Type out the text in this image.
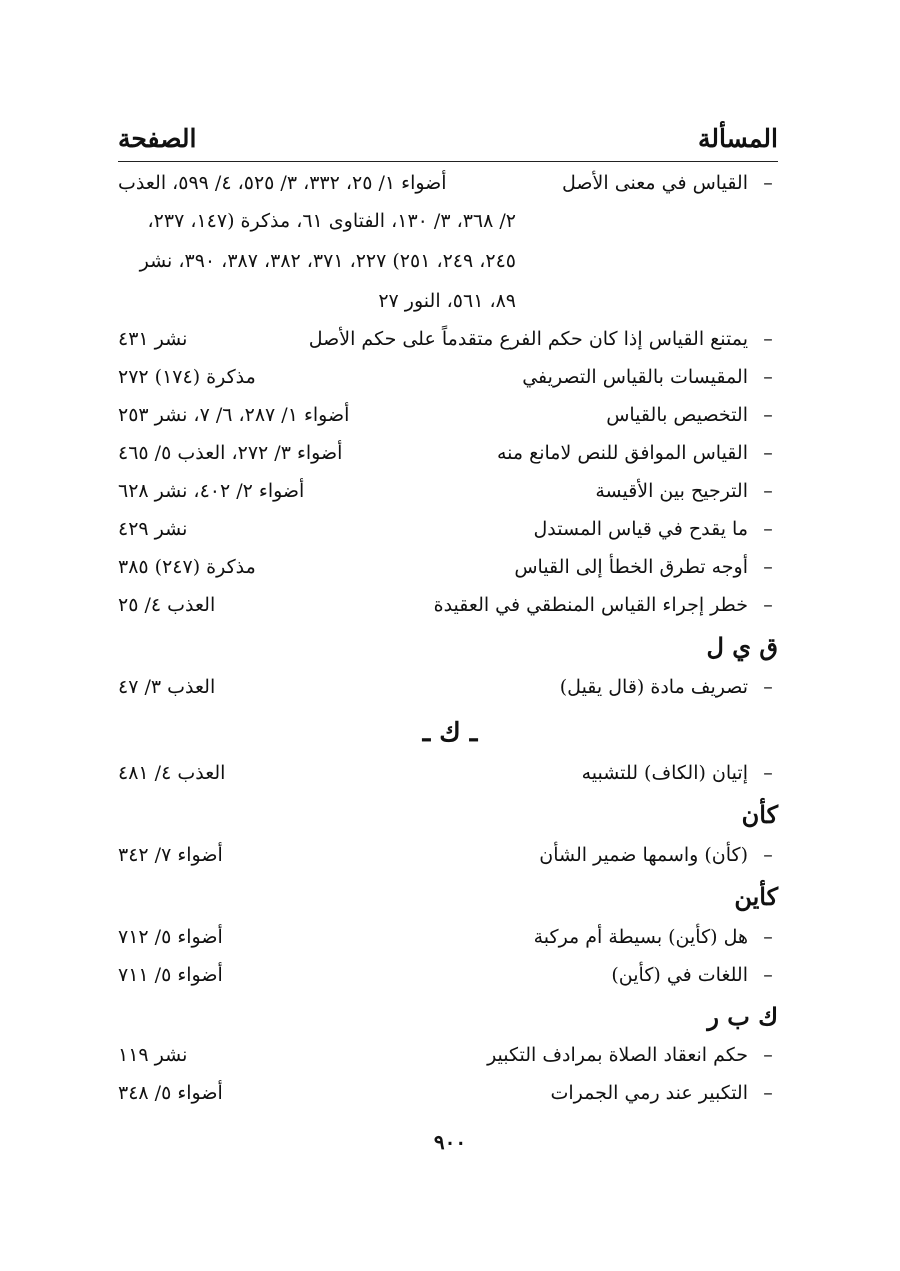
المسألة
الصفحة
–
القياس في معنى الأصل
أضواء ١/ ٢٥، ٣٣٢، ٣/ ٥٢٥، ٤/ ٥٩٩، العذب
٢/ ٣٦٨، ٣/ ١٣٠، الفتاوى ٦١، مذكرة (١٤٧، ٢٣٧،
٢٤٥، ٢٤٩، ٢٥١) ٢٢٧، ٣٧١، ٣٨٢، ٣٨٧، ٣٩٠، نشر
٨٩، ٥٦١، النور ٢٧
–
يمتنع القياس إذا كان حكم الفرع متقدماً على حكم الأصل
نشر ٤٣١
–
المقيسات بالقياس التصريفي
مذكرة (١٧٤) ٢٧٢
–
التخصيص بالقياس
أضواء ١/ ٢٨٧، ٦/ ٧، نشر ٢٥٣
–
القياس الموافق للنص لامانع منه
أضواء ٣/ ٢٧٢، العذب ٥/ ٤٦٥
–
الترجيح بين الأقيسة
أضواء ٢/ ٤٠٢، نشر ٦٢٨
–
ما يقدح في قياس المستدل
نشر ٤٢٩
–
أوجه تطرق الخطأ إلى القياس
مذكرة (٢٤٧) ٣٨٥
–
خطر إجراء القياس المنطقي في العقيدة
العذب ٤/ ٢٥
ق ي ل
–
تصريف مادة (قال يقيل)
العذب ٣/ ٤٧
ـ ك ـ
–
إتيان (الكاف) للتشبيه
العذب ٤/ ٤٨١
كأن
–
(كأن) واسمها ضمير الشأن
أضواء ٧/ ٣٤٢
كأين
–
هل (كأين) بسيطة أم مركبة
أضواء ٥/ ٧١٢
–
اللغات في (كأين)
أضواء ٥/ ٧١١
ك ب ر
–
حكم انعقاد الصلاة بمرادف التكبير
نشر ١١٩
–
التكبير عند رمي الجمرات
أضواء ٥/ ٣٤٨
٩٠٠
